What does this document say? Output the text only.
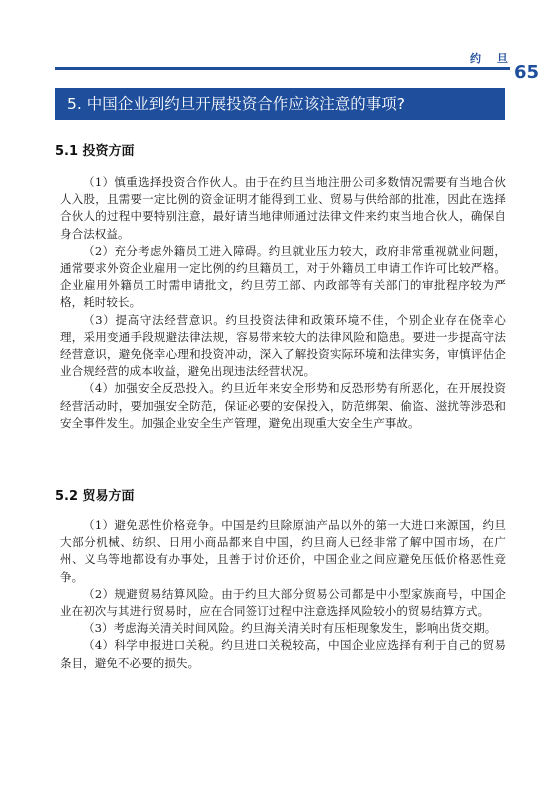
约 旦
65
5. 中国企业到约旦开展投资合作应该注意的事项?
5.1 投资方面

（1）慎重选择投资合作伙人。由于在约旦当地注册公司多数情况需要有当地合伙人入股，且需要一定比例的资金证明才能得到工业、贸易与供给部的批准，因此在选择合伙人的过程中要特别注意，最好请当地律师通过法律文件来约束当地合伙人，确保自身合法权益。

（2）充分考虑外籍员工进入障碍。约旦就业压力较大，政府非常重视就业问题，通常要求外资企业雇用一定比例的约旦籍员工，对于外籍员工申请工作许可比较严格。企业雇用外籍员工时需申请批文，约旦劳工部、内政部等有关部门的审批程序较为严格，耗时较长。

（3）提高守法经营意识。约旦投资法律和政策环境不佳，个别企业存在侥幸心理，采用变通手段规避法律法规，容易带来较大的法律风险和隐患。要进一步提高守法经营意识，避免侥幸心理和投资冲动，深入了解投资实际环境和法律实务，审慎评估企业合规经营的成本收益，避免出现违法经营状况。

（4）加强安全反恐投入。约旦近年来安全形势和反恐形势有所恶化，在开展投资经营活动时，要加强安全防范，保证必要的安保投入，防范绑架、偷盗、滋扰等涉恐和安全事件发生。加强企业安全生产管理，避免出现重大安全生产事故。

5.2 贸易方面

（1）避免恶性价格竞争。中国是约旦除原油产品以外的第一大进口来源国，约旦大部分机械、纺织、日用小商品都来自中国，约旦商人已经非常了解中国市场，在广州、义乌等地都设有办事处，且善于讨价还价，中国企业之间应避免压低价格恶性竞争。

（2）规避贸易结算风险。由于约旦大部分贸易公司都是中小型家族商号，中国企业在初次与其进行贸易时，应在合同签订过程中注意选择风险较小的贸易结算方式。

（3）考虑海关清关时间风险。约旦海关清关时有压柜现象发生，影响出货交期。

（4）科学申报进口关税。约旦进口关税较高，中国企业应选择有利于自己的贸易条目，避免不必要的损失。
